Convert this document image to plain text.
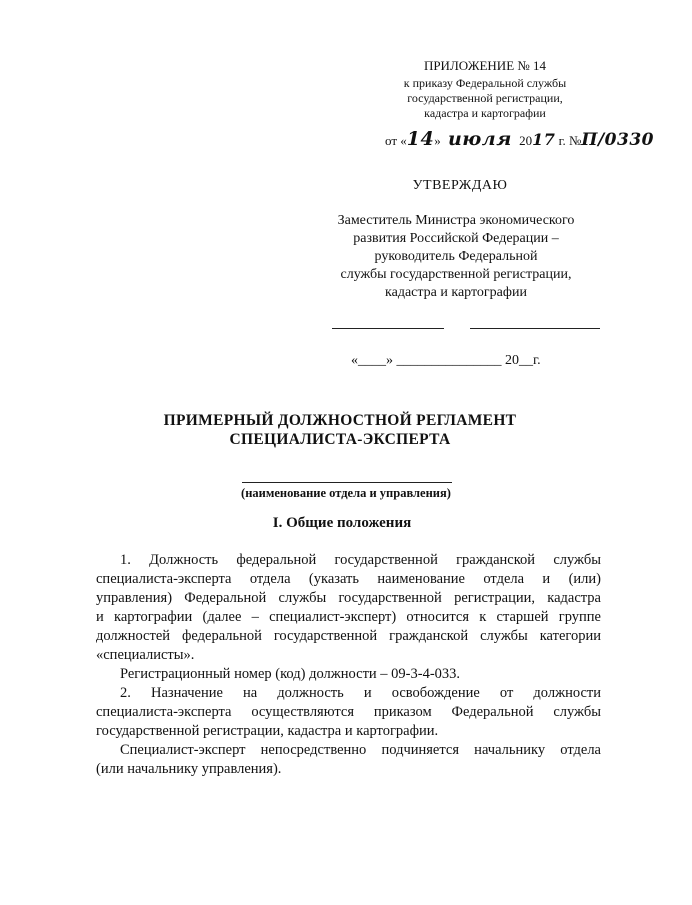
ПРИЛОЖЕНИЕ № 14
к приказу Федеральной службы
государственной регистрации,
кадастра и картографии
от «14» июля 2017 г. №П/0330
УТВЕРЖДАЮ
Заместитель Министра экономического
развития Российской Федерации –
руководитель Федеральной
службы государственной регистрации,
кадастра и картографии
«____» _______________ 20__г.
ПРИМЕРНЫЙ ДОЛЖНОСТНОЙ РЕГЛАМЕНТ
СПЕЦИАЛИСТА-ЭКСПЕРТА
(наименование отдела и управления)
I. Общие положения
1. Должность федеральной государственной гражданской службы
специалиста-эксперта отдела (указать наименование отдела и (или)
управления) Федеральной службы государственной регистрации, кадастра
и картографии (далее – специалист-эксперт) относится к старшей группе
должностей федеральной государственной гражданской службы категории
«специалисты».
Регистрационный номер (код) должности – 09-3-4-033.
2. Назначение на должность и освобождение от должности
специалиста-эксперта осуществляются приказом Федеральной службы
государственной регистрации, кадастра и картографии.
Специалист-эксперт непосредственно подчиняется начальнику отдела
(или начальнику управления).
